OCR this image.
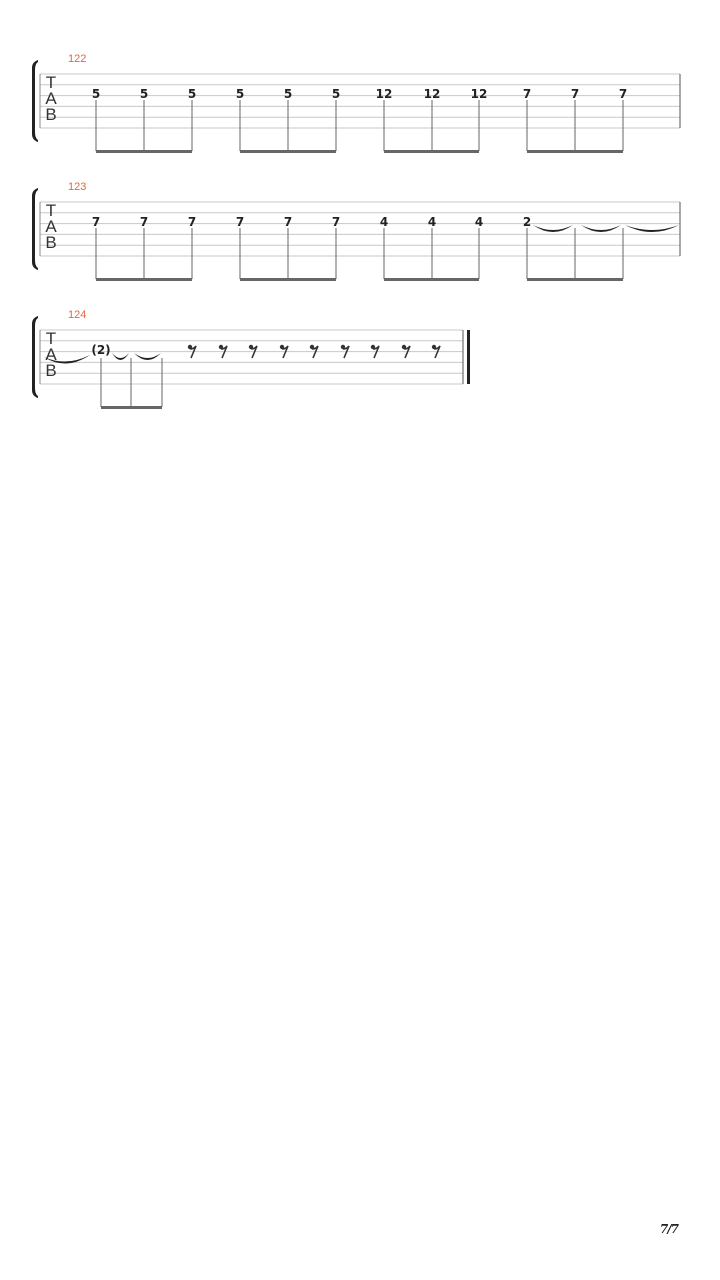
T
A
B
122
5	5	5	5	5	5	12	12	12	7	7	7
T
A
B
123
7	7	7	7	7	7	4	4	4	2
T
A
B
124
(2)
7/7
